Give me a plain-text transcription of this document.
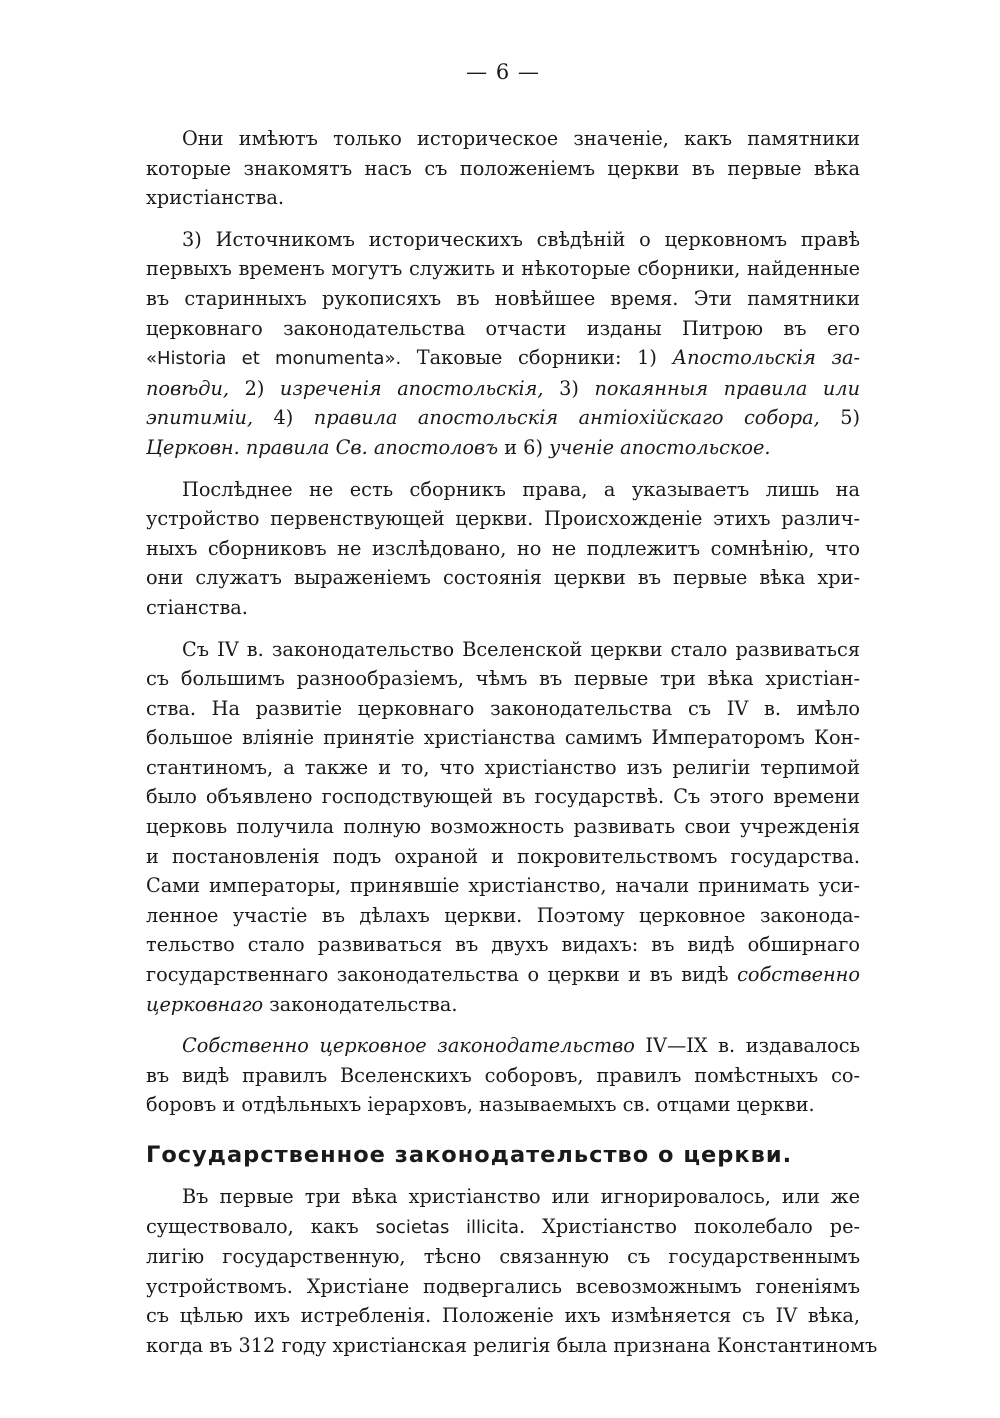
— 6 —

Они имѣютъ только историческое значенiе, какъ памятники
которые знакомятъ насъ съ положенiемъ церкви въ первые вѣка
христiанства.

3) Источникомъ историческихъ свѣдѣнiй о церковномъ правѣ
первыхъ временъ могутъ служить и нѣкоторые сборники, найденные
въ старинныхъ рукописяхъ въ новѣйшее время. Эти памятники
церковнаго законодательства отчасти изданы Питрою въ его
«Historia et monumenta». Таковые сборники: 1) Апостольскiя за-
повѣди, 2) изреченiя апостольскiя, 3) покаянныя правила или
эпитимiи, 4) правила апостольскiя антiохiйскаго собора, 5)
Церковн. правила Св. апостоловъ и 6) ученiе апостольское.

Послѣднее не есть сборникъ права, а указываетъ лишь на
устройство первенствующей церкви. Происхожденiе этихъ различ-
ныхъ сборниковъ не изслѣдовано, но не подлежитъ сомнѣнiю, что
они служатъ выраженiемъ состоянiя церкви въ первые вѣка хри-
стiанства.

Съ IV в. законодательство Вселенской церкви стало развиваться
съ большимъ разнообразiемъ, чѣмъ въ первые три вѣка христiан-
ства. На развитiе церковнаго законодательства съ IV в. имѣло
большое влiянiе принятiе христiанства самимъ Императоромъ Кон-
стантиномъ, а также и то, что христiанство изъ религiи терпимой
было объявлено господствующей въ государствѣ. Съ этого времени
церковь получила полную возможность развивать свои учрежденiя
и постановленiя подъ охраной и покровительствомъ государства.
Сами императоры, принявшiе христiанство, начали принимать уси-
ленное участiе въ дѣлахъ церкви. Поэтому церковное законода-
тельство стало развиваться въ двухъ видахъ: въ видѣ обширнаго
государственнаго законодательства о церкви и въ видѣ собственно
церковнаго законодательства.

Собственно церковное законодательство IV—IX в. издавалось
въ видѣ правилъ Вселенскихъ соборовъ, правилъ помѣстныхъ со-
боровъ и отдѣльныхъ iерарховъ, называемыхъ св. отцами церкви.

Государственное законодательство о церкви.

Въ первые три вѣка христiанство или игнорировалось, или же
существовало, какъ societas illicita. Христiанство поколебало ре-
лигiю государственную, тѣсно связанную съ государственнымъ
устройствомъ. Христiане подвергались всевозможнымъ гоненiямъ
съ цѣлью ихъ истребленiя. Положенiе ихъ измѣняется съ IV вѣка,
когда въ 312 году христiанская религiя была признана Константиномъ
